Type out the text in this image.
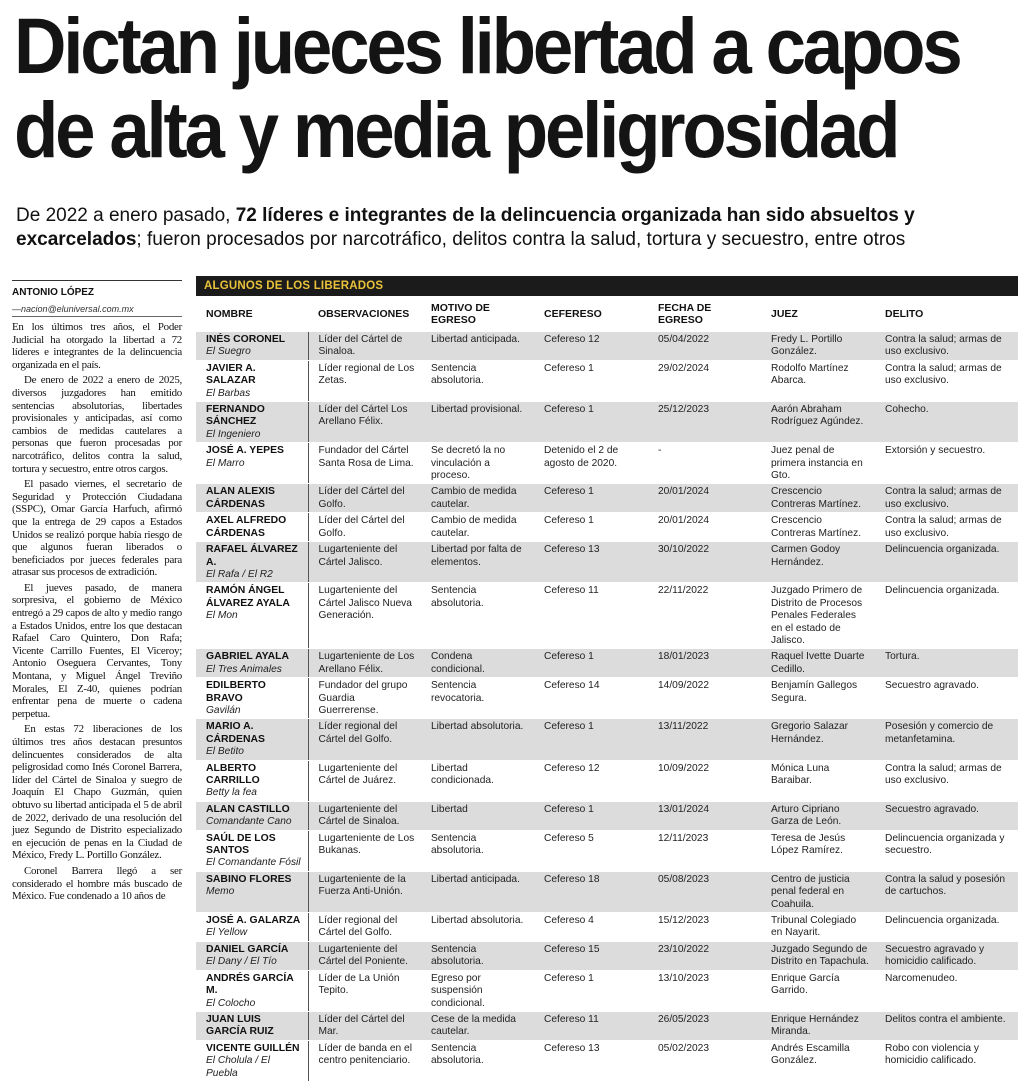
Dictan jueces libertad a capos
de alta y media peligrosidad
De 2022 a enero pasado, 72 líderes e integrantes de la delincuencia organizada han sido absueltos y excarcelados; fueron procesados por narcotráfico, delitos contra la salud, tortura y secuestro, entre otros
ANTONIO LÓPEZ
—nacion@eluniversal.com.mx

En los últimos tres años, el Poder Judicial ha otorgado la libertad a 72 líderes e integrantes de la delincuencia organizada en el país.

De enero de 2022 a enero de 2025, diversos juzgadores han emitido sentencias absolutorias, libertades provisionales y anticipadas, así como cambios de medidas cautelares a personas que fueron procesadas por narcotráfico, delitos contra la salud, tortura y secuestro, entre otros cargos.

El pasado viernes, el secretario de Seguridad y Protección Ciudadana (SSPC), Omar García Harfuch, afirmó que la entrega de 29 capos a Estados Unidos se realizó porque había riesgo de que algunos fueran liberados o beneficiados por jueces federales para atrasar sus procesos de extradición.

El jueves pasado, de manera sorpresiva, el gobierno de México entregó a 29 capos de alto y medio rango a Estados Unidos, entre los que destacan Rafael Caro Quintero, Don Rafa; Vicente Carrillo Fuentes, El Viceroy; Antonio Oseguera Cervantes, Tony Montana, y Miguel Ángel Treviño Morales, El Z-40, quienes podrían enfrentar pena de muerte o cadena perpetua.

En estas 72 liberaciones de los últimos tres años destacan presuntos delincuentes considerados de alta peligrosidad como Inés Coronel Barrera, líder del Cártel de Sinaloa y suegro de Joaquín El Chapo Guzmán, quien obtuvo su libertad anticipada el 5 de abril de 2022, derivado de una resolución del juez Segundo de Distrito especializado en ejecución de penas en la Ciudad de México, Fredy L. Portillo González.

Coronel Barrera llegó a ser considerado el hombre más buscado de México. Fue condenado a 10 años de

ALGUNOS DE LOS LIBERADOS
NOMBRE	OBSERVACIONES	MOTIVO DE EGRESO	CEFERESO	FECHA DE EGRESO	JUEZ	DELITO

INÉS CORONEL
El Suegro	Líder del Cártel de Sinaloa.	Libertad anticipada.	Cefereso 12	05/04/2022	Fredy L. Portillo González.	Contra la salud; armas de uso exclusivo.

JAVIER A. SALAZAR
El Barbas	Líder regional de Los Zetas.	Sentencia absolutoria.	Cefereso 1	29/02/2024	Rodolfo Martínez Abarca.	Contra la salud; armas de uso exclusivo.

FERNANDO SÁNCHEZ
El Ingeniero	Líder del Cártel Los Arellano Félix.	Libertad provisional.	Cefereso 1	25/12/2023	Aarón Abraham Rodríguez Agúndez.	Cohecho.

JOSÉ A. YEPES
El Marro	Fundador del Cártel Santa Rosa de Lima.	Se decretó la no vinculación a proceso.	Detenido el 2 de agosto de 2020.	-	Juez penal de primera instancia en Gto.	Extorsión y secuestro.

ALAN ALEXIS CÁRDENAS	Líder del Cártel del Golfo.	Cambio de medida cautelar.	Cefereso 1	20/01/2024	Crescencio Contreras Martínez.	Contra la salud; armas de uso exclusivo.

AXEL ALFREDO CÁRDENAS	Líder del Cártel del Golfo.	Cambio de medida cautelar.	Cefereso 1	20/01/2024	Crescencio Contreras Martínez.	Contra la salud; armas de uso exclusivo.

RAFAEL ÁLVAREZ A.
El Rafa / El R2	Lugarteniente del Cártel Jalisco.	Libertad por falta de elementos.	Cefereso 13	30/10/2022	Carmen Godoy Hernández.	Delincuencia organizada.

RAMÓN ÁNGEL ÁLVAREZ AYALA
El Mon	Lugarteniente del Cártel Jalisco Nueva Generación.	Sentencia absolutoria.	Cefereso 11	22/11/2022	Juzgado Primero de Distrito de Procesos Penales Federales en el estado de Jalisco.	Delincuencia organizada.

GABRIEL AYALA
El Tres Animales	Lugarteniente de Los Arellano Félix.	Condena condicional.	Cefereso 1	18/01/2023	Raquel Ivette Duarte Cedillo.	Tortura.

EDILBERTO BRAVO
Gavilán	Fundador del grupo Guardia Guerrerense.	Sentencia revocatoria.	Cefereso 14	14/09/2022	Benjamín Gallegos Segura.	Secuestro agravado.

MARIO A. CÁRDENAS
El Betito	Líder regional del Cártel del Golfo.	Libertad absolutoria.	Cefereso 1	13/11/2022	Gregorio Salazar Hernández.	Posesión y comercio de metanfetamina.

ALBERTO CARRILLO
Betty la fea	Lugarteniente del Cártel de Juárez.	Libertad condicionada.	Cefereso 12	10/09/2022	Mónica Luna Baraibar.	Contra la salud; armas de uso exclusivo.

ALAN CASTILLO
Comandante Cano	Lugarteniente del Cártel de Sinaloa.	Libertad	Cefereso 1	13/01/2024	Arturo Cipriano Garza de León.	Secuestro agravado.

SAÚL DE LOS SANTOS
El Comandante Fósil	Lugarteniente de Los Bukanas.	Sentencia absolutoria.	Cefereso 5	12/11/2023	Teresa de Jesús López Ramírez.	Delincuencia organizada y secuestro.

SABINO FLORES
Memo	Lugarteniente de la Fuerza Anti-Unión.	Libertad anticipada.	Cefereso 18	05/08/2023	Centro de justicia penal federal en Coahuila.	Contra la salud y posesión de cartuchos.

JOSÉ A. GALARZA
El Yellow	Líder regional del Cártel del Golfo.	Libertad absolutoria.	Cefereso 4	15/12/2023	Tribunal Colegiado en Nayarit.	Delincuencia organizada.

DANIEL GARCÍA
El Dany / El Tío	Lugarteniente del Cártel del Poniente.	Sentencia absolutoria.	Cefereso 15	23/10/2022	Juzgado Segundo de Distrito en Tapachula.	Secuestro agravado y homicidio calificado.

ANDRÉS GARCÍA M.
El Colocho	Líder de La Unión Tepito.	Egreso por suspensión condicional.	Cefereso 1	13/10/2023	Enrique García Garrido.	Narcomenudeo.

JUAN LUIS GARCÍA RUIZ	Líder del Cártel del Mar.	Cese de la medida cautelar.	Cefereso 11	26/05/2023	Enrique Hernández Miranda.	Delitos contra el ambiente.

VICENTE GUILLÉN
El Cholula / El Puebla	Líder de banda en el centro penitenciario.	Sentencia absolutoria.	Cefereso 13	05/02/2023	Andrés Escamilla González.	Robo con violencia y homicidio calificado.
